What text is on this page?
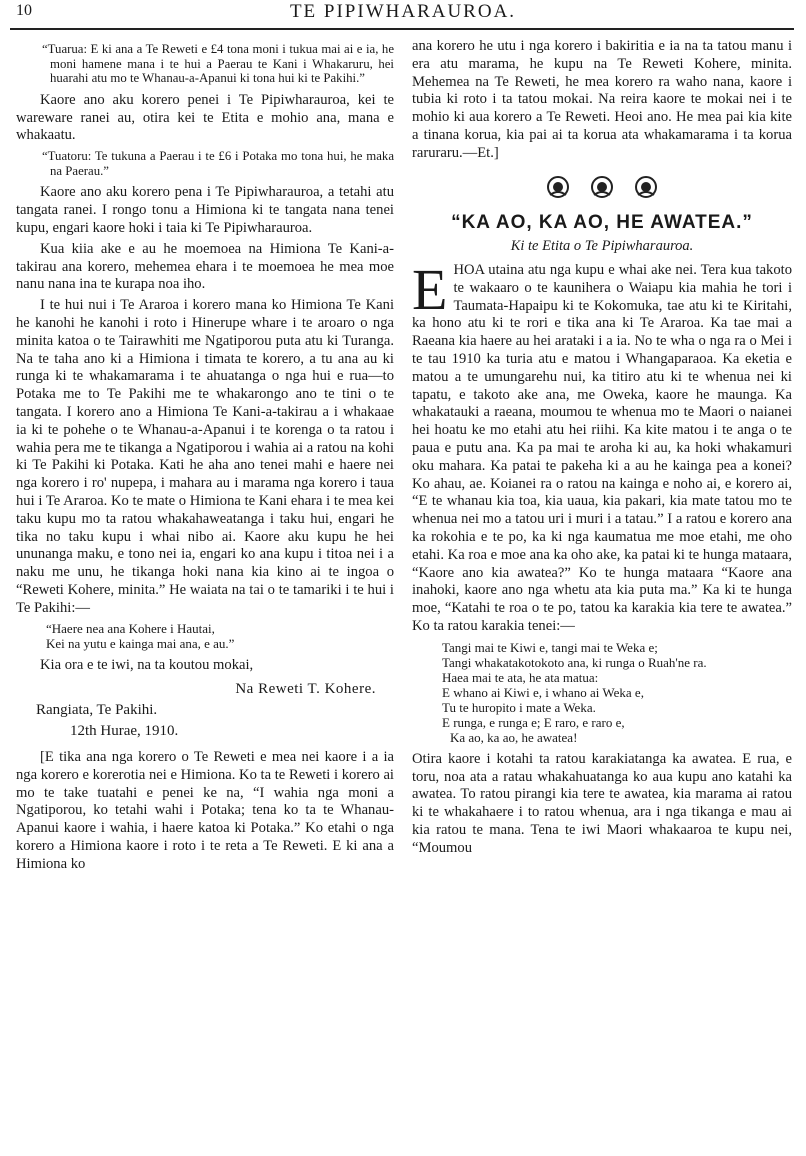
10	TE PIPIWHARAUROA.
“Tuarua: E ki ana a Te Reweti e £4 tona moni i tukua mai ai e ia, he moni hamene mana i te hui a Paerau te Kani i Whakaruru, hei huarahi atu mo te Whanau-a-Apanui ki tona hui ki te Pakihi.”

Kaore ano aku korero penei i Te Pipiwharauroa, kei te wareware ranei au, otira kei te Etita e mohio ana, mana e whakaatu.

“Tuatoru: Te tukuna a Paerau i te £6 i Potaka mo tona hui, he maka na Paerau.”

Kaore ano aku korero pena i Te Pipiwharauroa, a tetahi atu tangata ranei. I rongo tonu a Himiona ki te tangata nana tenei kupu, engari kaore hoki i taia ki Te Pipiwharauroa.

Kua kiia ake e au he moemoea na Himiona Te Kani-a-takirau ana korero, mehemea ehara i te moemoea he mea moe nanu nana ina te kurapa noa iho.

I te hui nui i Te Araroa i korero mana ko Himiona Te Kani he kanohi he kanohi i roto i Hinerupe whare i te aroaro o nga minita katoa o te Tairawhiti me Ngatiporou puta atu ki Turanga. Na te taha ano ki a Himiona i timata te korero, a tu ana au ki runga ki te whakamarama i te ahuatanga o nga hui e rua—to Potaka me to Te Pakihi me te whakarongo ano te tini o te tangata. I korero ano a Himiona Te Kani-a-takirau a i whakaae ia ki te pohehe o te Whanau-a-Apanui i te korenga o ta ratou i wahia pera me te tikanga a Ngatiporou i wahia ai a ratou na kohi ki Te Pakihi ki Potaka. Kati he aha ano tenei mahi e haere nei nga korero i ro' nupepa, i mahara au i marama nga korero i taua hui i Te Araroa. Ko te mate o Himiona te Kani ehara i te mea kei taku kupu mo ta ratou whakahaweatanga i taku hui, engari he tika no taku kupu i whai nibo ai. Kaore aku kupu he hei ununanga maku, e tono nei ia, engari ko ana kupu i titoa nei i a naku me unu, he tikanga hoki nana kia kino ai te ingoa o “Reweti Kohere, minita.” He waiata na tai o te tamariki i te hui i Te Pakihi:—

“Haere nea ana Kohere i Hautai,
Kei na yutu e kainga mai ana, e au.”

Kia ora e te iwi, na ta koutou mokai,

Na Reweti T. Kohere.
Rangiata, Te Pakihi.
12th Hurae, 1910.

[E tika ana nga korero o Te Reweti e mea nei kaore i a ia nga korero e korerotia nei e Himiona. Ko ta te Reweti i korero ai mo te take tuatahi e penei ke na, “I wahia nga moni a Ngatiporou, ko tetahi wahi i Potaka; tena ko ta te Whanau-Apanui kaore i wahia, i haere katoa ki Potaka.” Ko etahi o nga korero a Himiona kaore i roto i te reta a Te Reweti. E ki ana a Himiona ko

ana korero he utu i nga korero i bakiritia e ia na ta tatou manu i era atu marama, he kupu na Te Reweti Kohere, minita. Mehemea na Te Reweti, he mea korero ra waho nana, kaore i tubia ki roto i ta tatou mokai. Na reira kaore te mokai nei i te mohio ki aua korero a Te Reweti. Heoi ano. He mea pai kia kite a tinana korua, kia pai ai ta korua ata whakamarama i ta korua raruraru.—Et.]

“KA AO, KA AO, HE AWATEA.”
Ki te Etita o Te Pipiwharauroa.

EHOA utaina atu nga kupu e whai ake nei. Tera kua takoto te wakaaro o te kaunihera o Waiapu kia mahia he tori i Taumata-Hapaipu ki te Kokomuka, tae atu ki te Kiritahi, ka hono atu ki te rori e tika ana ki Te Araroa. Ka tae mai a Raeana kia haere au hei arataki i a ia. No te wha o nga ra o Mei i te tau 1910 ka turia atu e matou i Whangaparaoa. Ka eketia e matou a te umungarehu nui, ka titiro atu ki te whenua nei ki tapatu, e takoto ake ana, me Oweka, kaore he maunga. Ka whakatauki a raeana, moumou te whenua mo te Maori o naianei hei hoatu ke mo etahi atu hei riihi. Ka kite matou i te anga o te paua e putu ana. Ka pa mai te aroha ki au, ka hoki whakamuri oku mahara. Ka patai te pakeha ki a au he kainga pea a konei? Ko ahau, ae. Koianei ra o ratou na kainga e noho ai, e korero ai, “E te whanau kia toa, kia uaua, kia pakari, kia mate tatou mo te whenua nei mo a tatou uri i muri i a tatau.” I a ratou e korero ana ka rokohia e te po, ka ki nga kaumatua me moe etahi, me oho etahi. Ka roa e moe ana ka oho ake, ka patai ki te hunga mataara, “Kaore ano kia awatea?” Ko te hunga mataara “Kaore ana inahoki, kaore ano nga whetu ata kia puta ma.” Ka ki te hunga moe, “Katahi te roa o te po, tatou ka karakia kia tere te awatea.” Ko ta ratou karakia tenei:—

Tangi mai te Kiwi e, tangi mai te Weka e;
Tangi whakatakotokoto ana, ki runga o Ruah'ne ra.
Haea mai te ata, he ata matua:
E whano ai Kiwi e, i whano ai Weka e,
Tu te huropito i mate a Weka.
E runga, e runga e; E raro, e raro e,
Ka ao, ka ao, he awatea!

Otira kaore i kotahi ta ratou karakiatanga ka awatea. E rua, e toru, noa ata a ratau whakahuatanga ko aua kupu ano katahi ka awatea. To ratou pirangi kia tere te awatea, kia marama ai ratou ki te whakahaere i to ratou whenua, ara i nga tikanga e mau ai kia ratou te mana. Tena te iwi Maori whakaaroa te kupu nei, “Moumou
